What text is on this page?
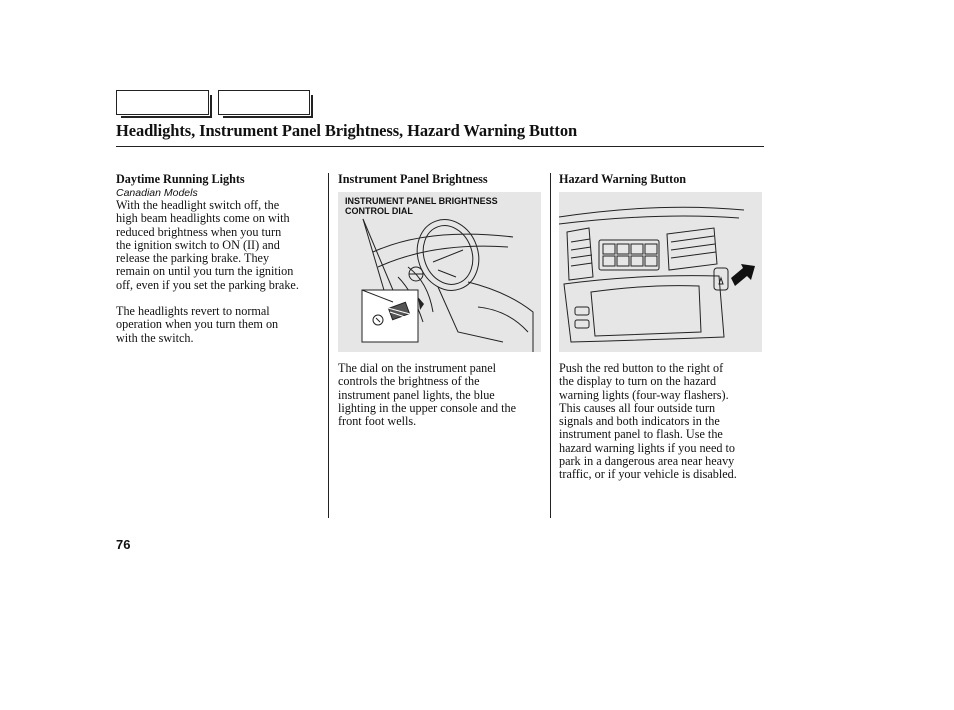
Headlights, Instrument Panel Brightness, Hazard Warning Button

Daytime Running Lights

Canadian Models

With the headlight switch off, the
high beam headlights come on with
reduced brightness when you turn
the ignition switch to ON (II) and
release the parking brake. They
remain on until you turn the ignition
off, even if you set the parking brake.

The headlights revert to normal
operation when you turn them on
with the switch.

Instrument Panel Brightness

INSTRUMENT PANEL BRIGHTNESS
CONTROL DIAL

The dial on the instrument panel
controls the brightness of the
instrument panel lights, the blue
lighting in the upper console and the
front foot wells.

Hazard Warning Button

Push the red button to the right of
the display to turn on the hazard
warning lights (four-way flashers).
This causes all four outside turn
signals and both indicators in the
instrument panel to flash. Use the
hazard warning lights if you need to
park in a dangerous area near heavy
traffic, or if your vehicle is disabled.

76
